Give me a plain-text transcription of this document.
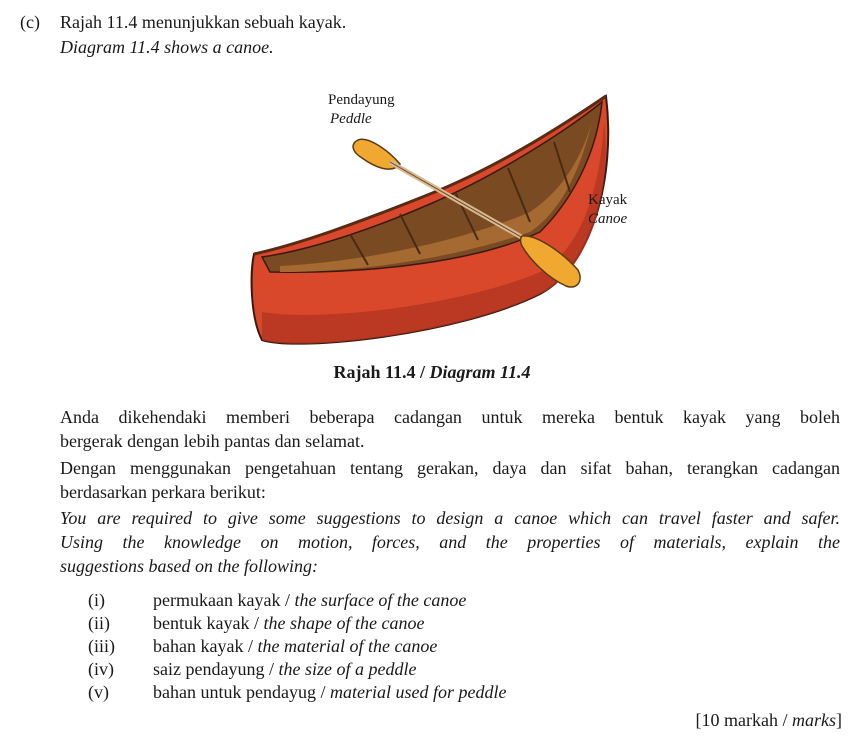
(c) Rajah 11.4 menunjukkan sebuah kayak.
Diagram 11.4 shows a canoe.
Pendayung
Peddle
Kayak
Canoe
Rajah 11.4 / Diagram 11.4
Anda dikehendaki memberi beberapa cadangan untuk mereka bentuk kayak yang boleh
bergerak dengan lebih pantas dan selamat.
Dengan menggunakan pengetahuan tentang gerakan, daya dan sifat bahan, terangkan cadangan
berdasarkan perkara berikut:
You are required to give some suggestions to design a canoe which can travel faster and safer.
Using the knowledge on motion, forces, and the properties of materials, explain the
suggestions based on the following:
(i)	permukaan kayak / the surface of the canoe
(ii) bentuk kayak / the shape of the canoe
(iii) bahan kayak / the material of the canoe
(iv) saiz pendayung / the size of a peddle
(v) bahan untuk pendayug / material used for peddle
[10 markah / marks]
